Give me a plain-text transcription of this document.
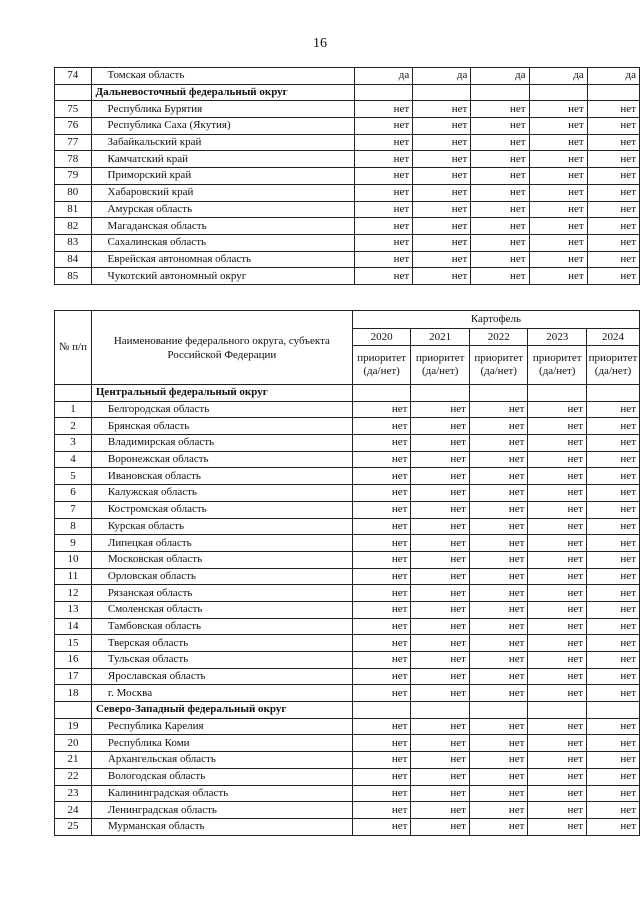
16
74	Томская область	да	да	да	да	да
	Дальневосточный федеральный округ					
75	Республика Бурятия	нет	нет	нет	нет	нет
76	Республика Саха (Якутия)	нет	нет	нет	нет	нет
77	Забайкальский край	нет	нет	нет	нет	нет
78	Камчатский край	нет	нет	нет	нет	нет
79	Приморский край	нет	нет	нет	нет	нет
80	Хабаровский край	нет	нет	нет	нет	нет
81	Амурская область	нет	нет	нет	нет	нет
82	Магаданская область	нет	нет	нет	нет	нет
83	Сахалинская область	нет	нет	нет	нет	нет
84	Еврейская автономная область	нет	нет	нет	нет	нет
85	Чукотский автономный округ	нет	нет	нет	нет	нет
№ п/п	Наименование федерального округа, субъекта Российской Федерации	Картофель				
		2020	2021	2022	2023	2024
		приоритет (да/нет)	приоритет (да/нет)	приоритет (да/нет)	приоритет (да/нет)	приоритет (да/нет)
	Центральный федеральный округ					
1	Белгородская область	нет	нет	нет	нет	нет
2	Брянская область	нет	нет	нет	нет	нет
3	Владимирская область	нет	нет	нет	нет	нет
4	Воронежская область	нет	нет	нет	нет	нет
5	Ивановская область	нет	нет	нет	нет	нет
6	Калужская область	нет	нет	нет	нет	нет
7	Костромская область	нет	нет	нет	нет	нет
8	Курская область	нет	нет	нет	нет	нет
9	Липецкая область	нет	нет	нет	нет	нет
10	Московская область	нет	нет	нет	нет	нет
11	Орловская область	нет	нет	нет	нет	нет
12	Рязанская область	нет	нет	нет	нет	нет
13	Смоленская область	нет	нет	нет	нет	нет
14	Тамбовская область	нет	нет	нет	нет	нет
15	Тверская область	нет	нет	нет	нет	нет
16	Тульская область	нет	нет	нет	нет	нет
17	Ярославская область	нет	нет	нет	нет	нет
18	г. Москва	нет	нет	нет	нет	нет
	Северо-Западный федеральный округ					
19	Республика Карелия	нет	нет	нет	нет	нет
20	Республика Коми	нет	нет	нет	нет	нет
21	Архангельская область	нет	нет	нет	нет	нет
22	Вологодская область	нет	нет	нет	нет	нет
23	Калининградская область	нет	нет	нет	нет	нет
24	Ленинградская область	нет	нет	нет	нет	нет
25	Мурманская область	нет	нет	нет	нет	нет
